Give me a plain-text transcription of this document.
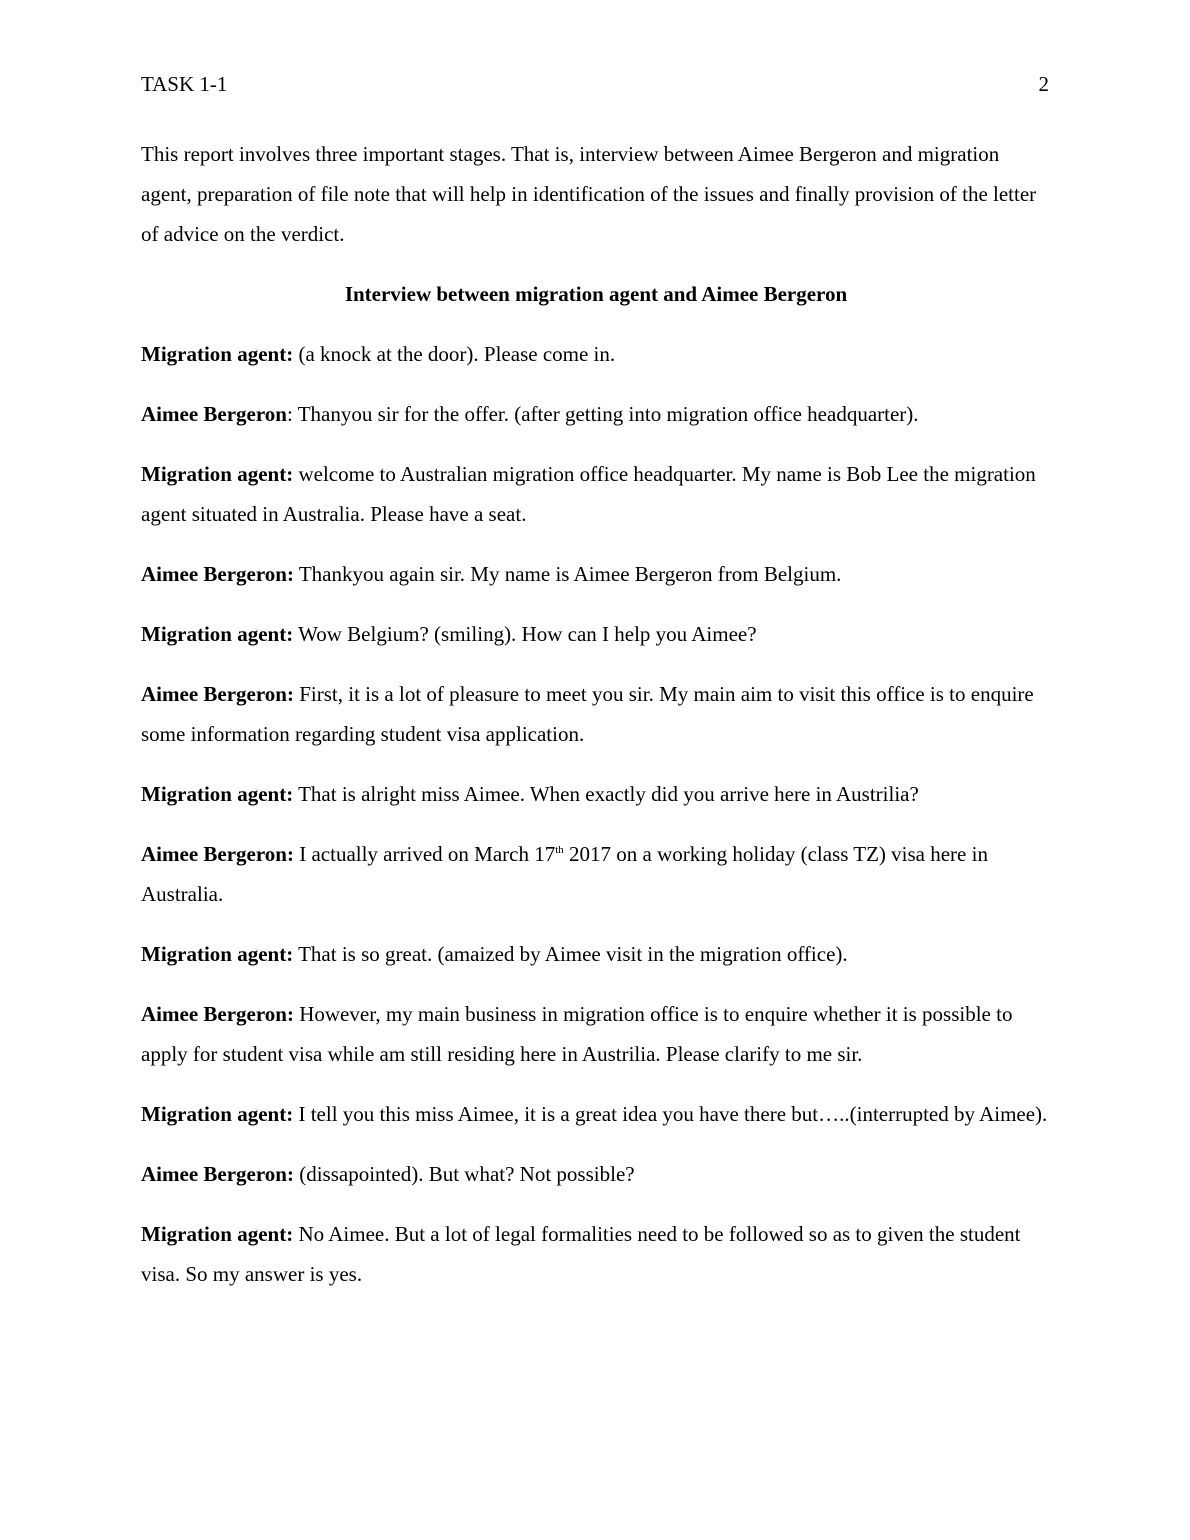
TASK 1-1	2

This report involves three important stages. That is, interview between Aimee Bergeron and migration agent, preparation of file note that will help in identification of the issues and finally provision of the letter of advice on the verdict.

Interview between migration agent and Aimee Bergeron

Migration agent: (a knock at the door). Please come in.

Aimee Bergeron: Thanyou sir for the offer. (after getting into migration office headquarter).

Migration agent: welcome to Australian migration office headquarter. My name is Bob Lee the migration agent situated in Australia. Please have a seat.

Aimee Bergeron: Thankyou again sir. My name is Aimee Bergeron from Belgium.

Migration agent: Wow Belgium? (smiling). How can I help you Aimee?

Aimee Bergeron: First, it is a lot of pleasure to meet you sir. My main aim to visit this office is to enquire some information regarding student visa application.

Migration agent: That is alright miss Aimee. When exactly did you arrive here in Austrilia?

Aimee Bergeron: I actually arrived on March 17th 2017 on a working holiday (class TZ) visa here in Australia.

Migration agent: That is so great. (amaized by Aimee visit in the migration office).

Aimee Bergeron: However, my main business in migration office is to enquire whether it is possible to apply for student visa while am still residing here in Austrilia. Please clarify to me sir.

Migration agent: I tell you this miss Aimee, it is a great idea you have there but…..(interrupted by Aimee).

Aimee Bergeron: (dissapointed). But what? Not possible?

Migration agent: No Aimee. But a lot of legal formalities need to be followed so as to given the student visa. So my answer is yes.
